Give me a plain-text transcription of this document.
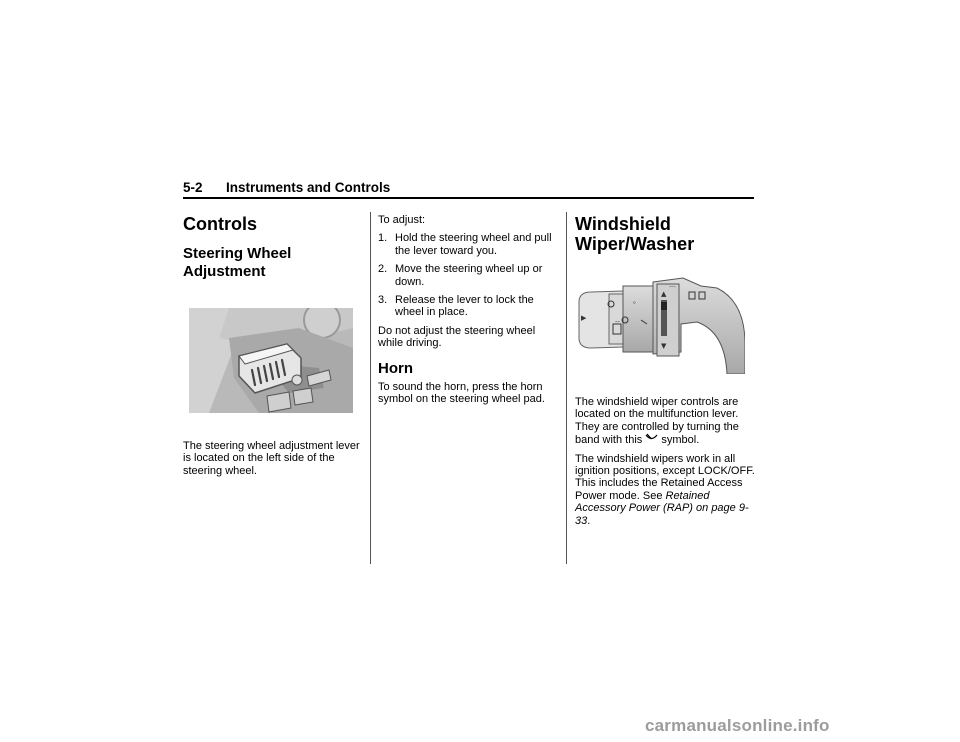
5-2 Instruments and Controls
Controls
Steering Wheel Adjustment

The steering wheel adjustment lever is located on the left side of the steering wheel.

To adjust:

1. Hold the steering wheel and pull the lever toward you.
2. Move the steering wheel up or down.
3. Release the lever to lock the wheel in place.

Do not adjust the steering wheel while driving.

Horn

To sound the horn, press the horn symbol on the steering wheel pad.

Windshield Wiper/Washer
▲
▼
⌒
▶
ᵒ
--

The windshield wiper controls are located on the multifunction lever. They are controlled by turning the band with this symbol.

The windshield wipers work in all ignition positions, except LOCK/OFF. This includes the Retained Access Power mode. See Retained Accessory Power (RAP) on page 9-33.

carmanualsonline.info
